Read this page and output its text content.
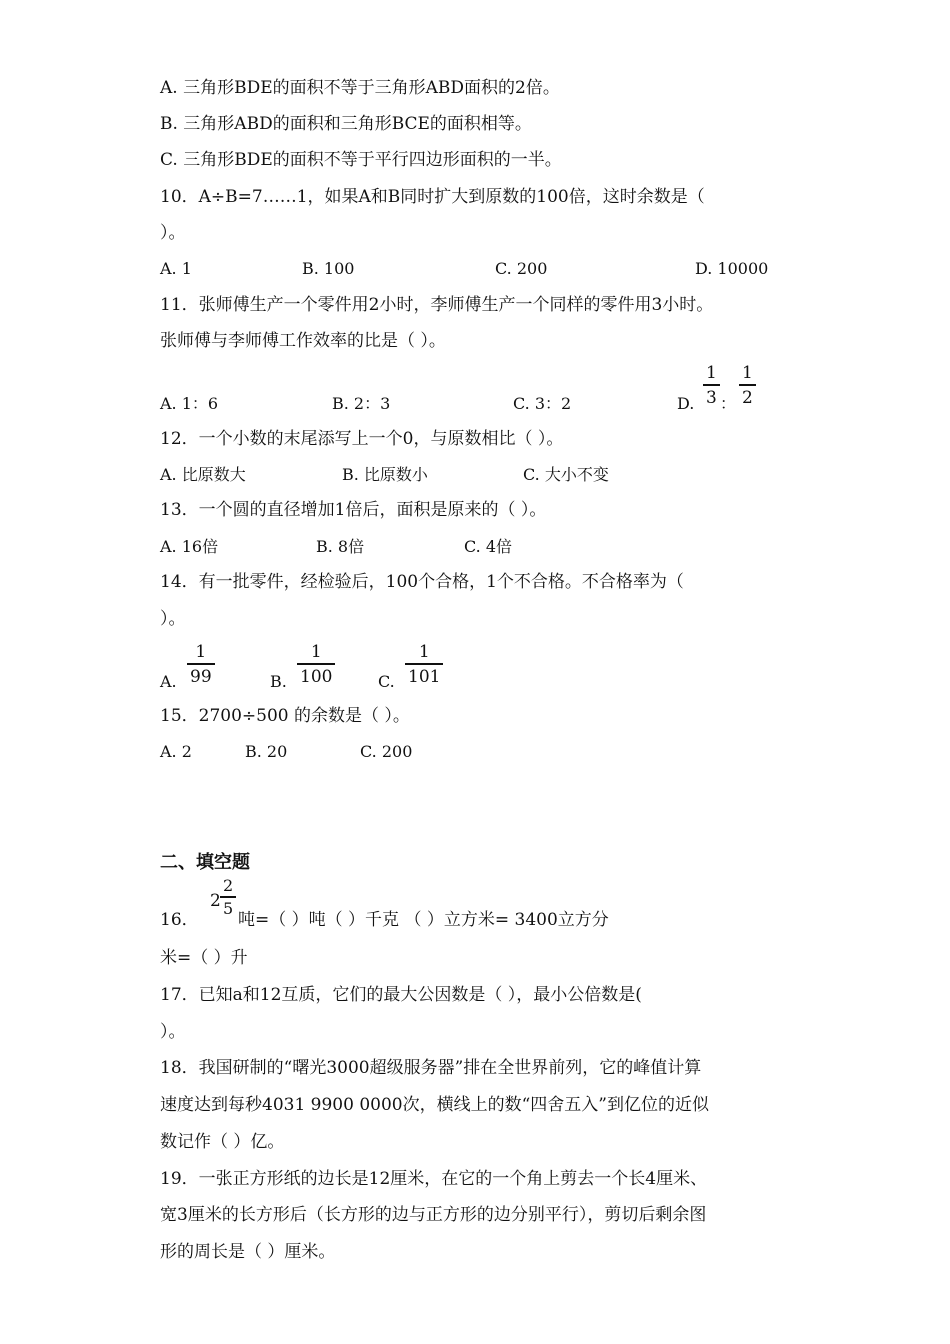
A. 三角形BDE的面积不等于三角形ABD面积的2倍。
B. 三角形ABD的面积和三角形BCE的面积相等。
C. 三角形BDE的面积不等于平行四边形面积的一半。
10．A÷B=7……1，如果A和B同时扩大到原数的100倍，这时余数是（
）。
A. 1	B. 100	C. 200	D. 10000
11．张师傅生产一个零件用2小时，李师傅生产一个同样的零件用3小时。
张师傅与李师傅工作效率的比是（ ）。
A. 1：6	B. 2：3	C. 3：2	D.
1
3 ：
1
2
12．一个小数的末尾添写上一个0，与原数相比（ ）。
A. 比原数大	B. 比原数小	C. 大小不变
13．一个圆的直径增加1倍后，面积是原来的（ ）。
A. 16倍	B. 8倍	C. 4倍
14．有一批零件，经检验后，100个合格，1个不合格。不合格率为（
）。
A.
1
99	B.
1
100	C.
1
101
15．2700÷500 的余数是（ ）。
A. 2	B. 20	C. 200
二、填空题
16．
2
2
5
吨=（ ）吨（ ）千克 （ ）立方米= 3400立方分
米=（ ）升
17．已知a和12互质，它们的最大公因数是（ ），最小公倍数是(
）。
18．我国研制的“曙光3000超级服务器”排在全世界前列，它的峰值计算
速度达到每秒4031 9900 0000次，横线上的数“四舍五入”到亿位的近似
数记作（ ）亿。
19．一张正方形纸的边长是12厘米，在它的一个角上剪去一个长4厘米、
宽3厘米的长方形后（长方形的边与正方形的边分别平行），剪切后剩余图
形的周长是（ ）厘米。
